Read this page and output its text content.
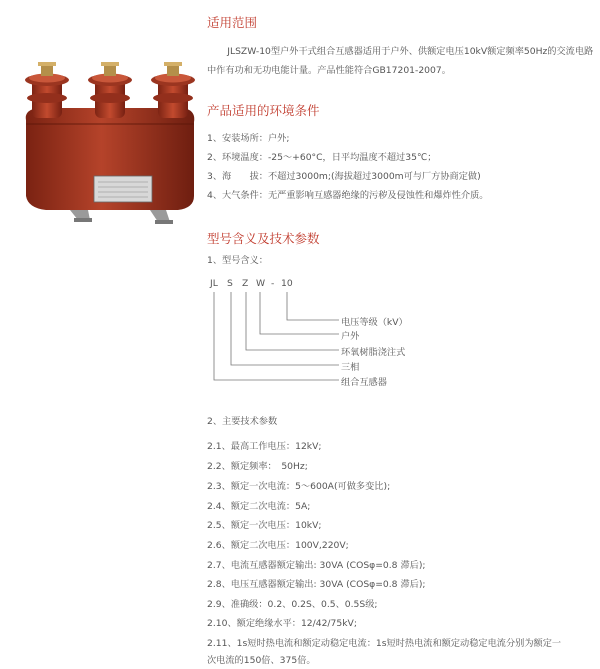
适用范围
JLSZW-10型户外干式组合互感器适用于户外、供额定电压10kV额定频率50Hz的交流电路中作有功和无功电能计量。产品性能符合GB17201-2007。
产品适用的环境条件
1、安装场所：户外;
2、环境温度：-25～+60°C，日平均温度不超过35℃；
3、海　　拔：不超过3000m;(海拔超过3000m可与厂方协商定做)
4、大气条件：无严重影响互感器绝缘的污秽及侵蚀性和爆炸性介质。
型号含义及技术参数
1、型号含义：
JL S Z W - 10
电压等级（kV）
户外
环氧树脂浇注式
三相
组合互感器
2、主要技术参数
2.1、最高工作电压：12kV;
2.2、额定频率：　50Hz;
2.3、额定一次电流：5～600A(可做多变比);
2.4、额定二次电流：5A;
2.5、额定一次电压：10kV;
2.6、额定二次电压：100V,220V;
2.7、电流互感器额定输出: 30VA (COSφ=0.8 滞后);
2.8、电压互感器额定输出: 30VA (COSφ=0.8 滞后);
2.9、准确级：0.2、0.2S、0.5、0.5S级;
2.10、额定绝缘水平：12/42/75kV;
2.11、1s短时热电流和额定动稳定电流：1s短时热电流和额定动稳定电流分别为额定一
次电流的150倍、375倍。
